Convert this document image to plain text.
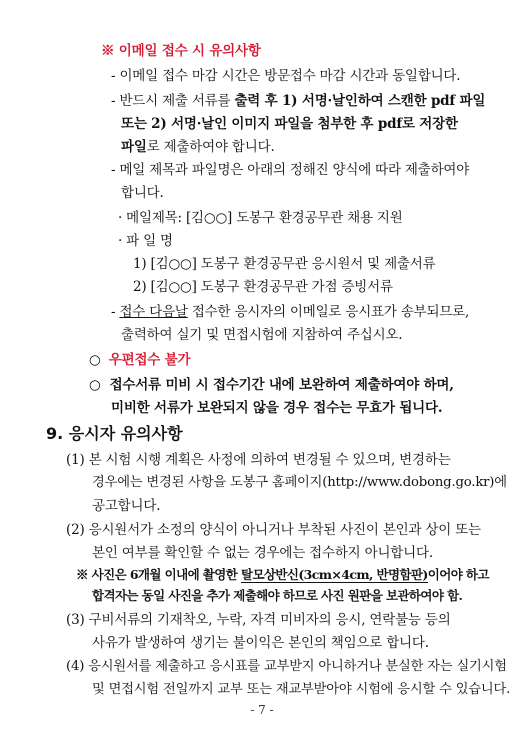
※ 이메일 접수 시 유의사항
- 이메일 접수 마감 시간은 방문접수 마감 시간과 동일합니다.
- 반드시 제출 서류를 출력 후 1) 서명·날인하여 스캔한 pdf 파일
또는 2) 서명·날인 이미지 파일을 첨부한 후 pdf로 저장한
파일로 제출하여야 합니다.
- 메일 제목과 파일명은 아래의 정해진 양식에 따라 제출하여야
합니다.
· 메일제목: [김○○] 도봉구 환경공무관 채용 지원
· 파 일 명
1) [김○○] 도봉구 환경공무관 응시원서 및 제출서류
2) [김○○] 도봉구 환경공무관 가점 증빙서류
- 접수 다음날 접수한 응시자의 이메일로 응시표가 송부되므로,
출력하여 실기 및 면접시험에 지참하여 주십시오.
○ 우편접수 불가
○ 접수서류 미비 시 접수기간 내에 보완하여 제출하여야 하며,
미비한 서류가 보완되지 않을 경우 접수는 무효가 됩니다.
9. 응시자 유의사항
(1) 본 시험 시행 계획은 사정에 의하여 변경될 수 있으며, 변경하는
경우에는 변경된 사항을 도봉구 홈페이지(http://www.dobong.go.kr)에
공고합니다.
(2) 응시원서가 소정의 양식이 아니거나 부착된 사진이 본인과 상이 또는
본인 여부를 확인할 수 없는 경우에는 접수하지 아니합니다.
※ 사진은 6개월 이내에 촬영한 탈모상반신(3cm×4cm, 반명함판)이어야 하고
합격자는 동일 사진을 추가 제출해야 하므로 사진 원판을 보관하여야 함.
(3) 구비서류의 기재착오, 누락, 자격 미비자의 응시, 연락불능 등의
사유가 발생하여 생기는 불이익은 본인의 책임으로 합니다.
(4) 응시원서를 제출하고 응시표를 교부받지 아니하거나 분실한 자는 실기시험
및 면접시험 전일까지 교부 또는 재교부받아야 시험에 응시할 수 있습니다.
- 7 -
